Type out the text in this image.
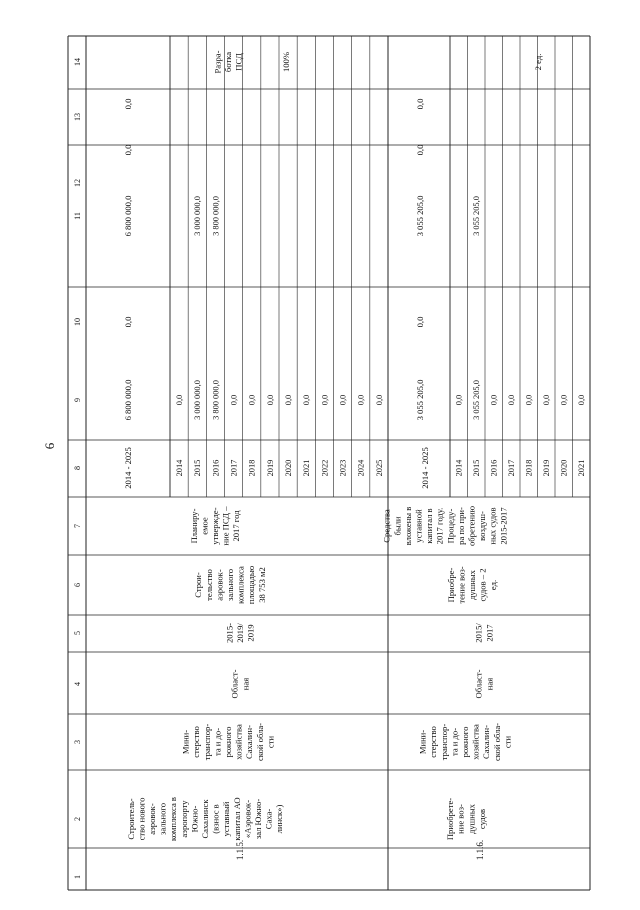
6
1
2
3
4
5
6
7
8
9
10
11
12
13
14
1.1.5.
Строитель-ство новогоаэровок-зальногокомплекса ваэропортуЮжно-Сахалинск(взнос вуставныйкапитал АО«Аэровок-зал Южно-Саха-линск»)
Мини-стерствотранспор-та и до-рожногохозяйстваСахалин-ской обла-сти
Област-ная
2015-2019/2019
Строи-тельствоаэровок-зальногокомплексаплощадью38 753 м2
Планиру-емоеутвержде-ние ПСД –2017 год
2014 - 2025
6 800 000,0
0,0
6 800 000,0
0,0
0,0
Разра-боткаПСД	100%
2014
0,0
2015
3 000 000,0
3 000 000,0
2016
3 800 000,0
3 800 000,0
2017
0,0
2018
0,0
2019
0,0
2020
0,0
2021
0,0
2022
0,0
2023
0,0
2024
0,0
2025
0,0
1.1.6.
Приобрете-ние воз-душныхсудов
Мини-стерствотранспор-та и до-рожногохозяйстваСахалин-ской обла-сти
Област-ная
2015/2017
Приобре-тение воз-душныхсудов – 2ед.
Средствабыливложены вуставнойкапитал в2017 году.Процеду-ра по при-обретениювоздуш-ных судов2015-2017
2014 - 2025
3 055 205,0
0,0
3 055 205,0
0,0
0,0
2 ед.
2014
0,0
2015
3 055 205,0
3 055 205,0
2016
0,0
2017
0,0
2018
0,0
2019
0,0
2020
0,0
2021
0,0
